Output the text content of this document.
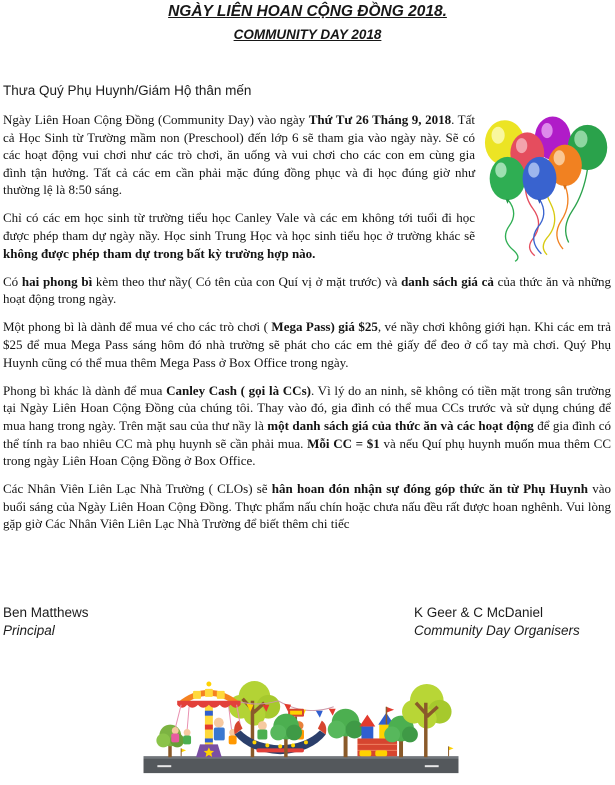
NGÀY LIÊN HOAN CỘNG ĐỒNG 2018.
COMMUNITY DAY 2018
Thưa Quý Phụ Huynh/Giám Hộ thân mến

Ngày Liên Hoan Cộng Đồng (Community Day) vào ngày Thứ Tư 26 Tháng 9, 2018. Tất cả Học Sinh từ Trường mầm non (Preschool) đến lớp 6 sẽ tham gia vào ngày này. Sẽ có các hoạt động vui chơi như các trò chơi, ăn uống và vui chơi cho các con em cùng gia đình tận hưởng. Tất cả các em cần phải mặc đúng đồng phục và đi học đúng giờ như thường lệ là 8:50 sáng.

Chỉ có các em học sinh từ trường tiểu học Canley Vale và các em không tới tuổi đi học được phép tham dự ngày nầy. Học sinh Trung Học và học sinh tiểu học ở trường khác sẽ không được phép tham dự trong bất kỳ trường hợp nào.

Có hai phong bì kèm theo thư nầy( Có tên của con Quí vị ở mặt trước) và danh sách giá cả của thức ăn và những hoạt động trong ngày.

Một phong bì là dành để mua vé cho các trò chơi ( Mega Pass) giá $25, vé nầy chơi không giới hạn. Khi các em trả $25 để mua Mega Pass sáng hôm đó nhà trường sẽ phát cho các em thẻ giấy để đeo ở cổ tay mà chơi. Quý Phụ Huynh cũng có thể mua thêm Mega Pass ở Box Office trong ngày.

Phong bì khác là dành để mua Canley Cash ( gọi là CCs). Vì lý do an ninh, sẽ không có tiền mặt trong sân trường tại Ngày Liên Hoan Cộng Đồng của chúng tôi. Thay vào đó, gia đình có thể mua CCs trước và sử dụng chúng để mua hang trong ngày. Trên mặt sau của thư nầy là một danh sách giá của thức ăn và các hoạt động để gia đình có thể tính ra bao nhiêu CC mà phụ huynh sẽ cần phải mua. Mỗi CC = $1 và nếu Quí phụ huynh muốn mua thêm CC trong ngày Liên Hoan Cộng Đồng ở Box Office.

Các Nhân Viên Liên Lạc Nhà Trường ( CLOs) sẽ hân hoan đón nhận sự đóng góp thức ăn từ Phụ Huynh vào buổi sáng của Ngày Liên Hoan Cộng Đồng. Thực phẩm nấu chín hoặc chưa nấu đều rất được hoan nghênh. Vui lòng gặp giờ Các Nhân Viên Liên Lạc Nhà Trường để biết thêm chi tiếc

Ben Matthews
Principal
K Geer & C McDaniel
Community Day Organisers
